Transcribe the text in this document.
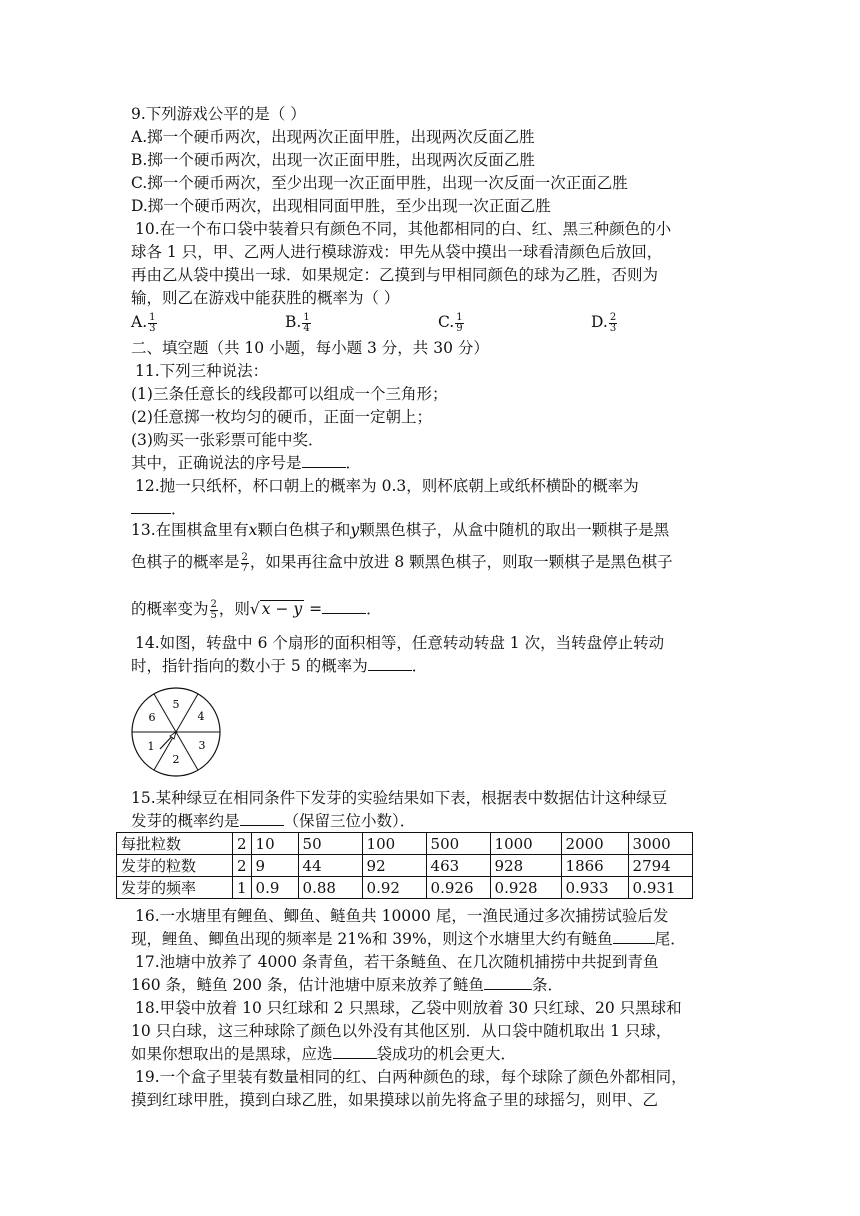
9.下列游戏公平的是（ ）
A.掷一个硬币两次，出现两次正面甲胜，出现两次反面乙胜
B.掷一个硬币两次，出现一次正面甲胜，出现两次反面乙胜
C.掷一个硬币两次，至少出现一次正面甲胜，出现一次反面一次正面乙胜
D.掷一个硬币两次，出现相同面甲胜，至少出现一次正面乙胜
10.在一个布口袋中装着只有颜色不同，其他都相同的白、红、黑三种颜色的小
球各 1 只，甲、乙两人进行模球游戏：甲先从袋中摸出一球看清颜色后放回，
再由乙从袋中摸出一球．如果规定：乙摸到与甲相同颜色的球为乙胜，否则为
输，则乙在游戏中能获胜的概率为（ ）
A. $\frac{1}{3}$	B. $\frac{1}{4}$	C. $\frac{1}{9}$	D. $\frac{2}{3}$
二、填空题（共 10 小题，每小题 3 分，共 30 分）
11.下列三种说法：
(1)三条任意长的线段都可以组成一个三角形；
(2)任意掷一枚均匀的硬币，正面一定朝上；
(3)购买一张彩票可能中奖．
其中，正确说法的序号是	．
12.抛一只纸杯，杯口朝上的概率为 0.3，则杯底朝上或纸杯横卧的概率为
．
13.在围棋盒里有x颗白色棋子和y颗黑色棋子，从盒中随机的取出一颗棋子是黑
色棋子的概率是 $\frac{2}{7}$ ，如果再往盒中放进 8 颗黑色棋子，则取一颗棋子是黑色棋子
的概率变为 $\frac{2}{5}$ ，则√ x − y =	．
14.如图，转盘中 6 个扇形的面积相等，任意转动转盘 1 次，当转盘停止转动
时，指针指向的数小于 5 的概率为	．
5
4
3
2
1
6
15.某种绿豆在相同条件下发芽的实验结果如下表，根据表中数据估计这种绿豆
发芽的概率约是	（保留三位小数）．
每批粒数	2	10	50	100	500	1000	2000	3000
发芽的粒数	2	9	44	92	463	928	1866	2794
发芽的频率	1	0.9	0.88	0.92	0.926	0.928	0.933	0.931
16.一水塘里有鲤鱼、鲫鱼、鲢鱼共 10000 尾，一渔民通过多次捕捞试验后发
现，鲤鱼、鲫鱼出现的频率是 21%和 39%，则这个水塘里大约有鲢鱼	尾．
17.池塘中放养了 4000 条青鱼，若干条鲢鱼、在几次随机捕捞中共捉到青鱼
160 条，鲢鱼 200 条，估计池塘中原来放养了鲢鱼	条．
18.甲袋中放着 10 只红球和 2 只黑球，乙袋中则放着 30 只红球、20 只黑球和
10 只白球，这三种球除了颜色以外没有其他区别．从口袋中随机取出 1 只球，
如果你想取出的是黑球，应选	袋成功的机会更大．
19.一个盒子里装有数量相同的红、白两种颜色的球，每个球除了颜色外都相同，
摸到红球甲胜，摸到白球乙胜，如果摸球以前先将盒子里的球摇匀，则甲、乙
